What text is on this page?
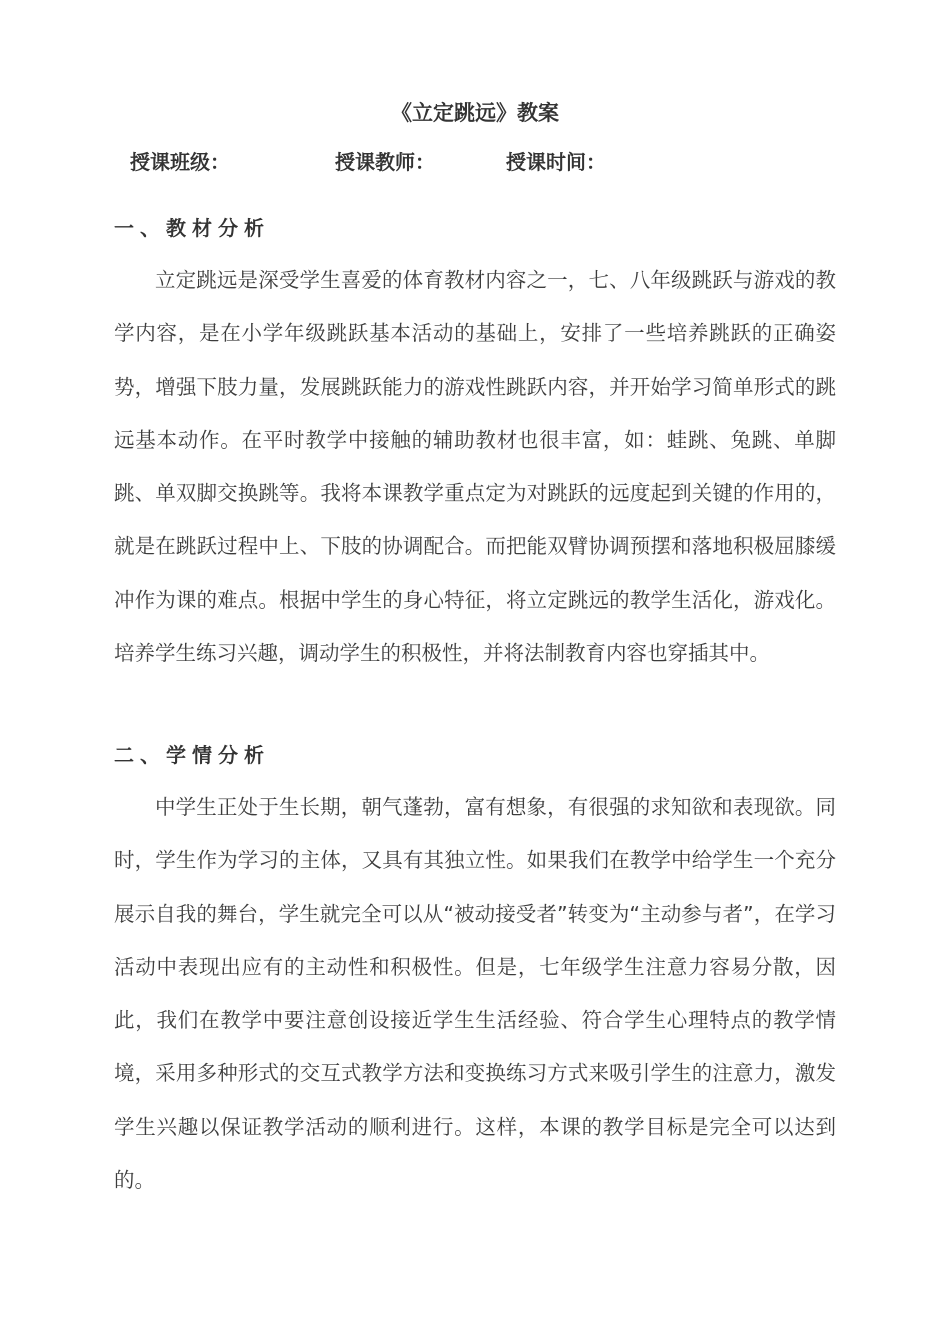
《立定跳远》教案
授课班级：	授课教师：	授课时间：
一、教材分析

立定跳远是深受学生喜爱的体育教材内容之一，七、八年级跳跃与游戏的教学内容，是在小学年级跳跃基本活动的基础上，安排了一些培养跳跃的正确姿势，增强下肢力量，发展跳跃能力的游戏性跳跃内容，并开始学习简单形式的跳远基本动作。在平时教学中接触的辅助教材也很丰富，如：蛙跳、兔跳、单脚跳、单双脚交换跳等。我将本课教学重点定为对跳跃的远度起到关键的作用的，就是在跳跃过程中上、下肢的协调配合。而把能双臂协调预摆和落地积极屈膝缓冲作为课的难点。根据中学生的身心特征，将立定跳远的教学生活化，游戏化。培养学生练习兴趣，调动学生的积极性，并将法制教育内容也穿插其中。

二、学情分析

中学生正处于生长期，朝气蓬勃，富有想象，有很强的求知欲和表现欲。同时，学生作为学习的主体，又具有其独立性。如果我们在教学中给学生一个充分展示自我的舞台，学生就完全可以从“被动接受者”转变为“主动参与者”，在学习活动中表现出应有的主动性和积极性。但是，七年级学生注意力容易分散，因此，我们在教学中要注意创设接近学生生活经验、符合学生心理特点的教学情境，采用多种形式的交互式教学方法和变换练习方式来吸引学生的注意力，激发学生兴趣以保证教学活动的顺利进行。这样，本课的教学目标是完全可以达到的。
